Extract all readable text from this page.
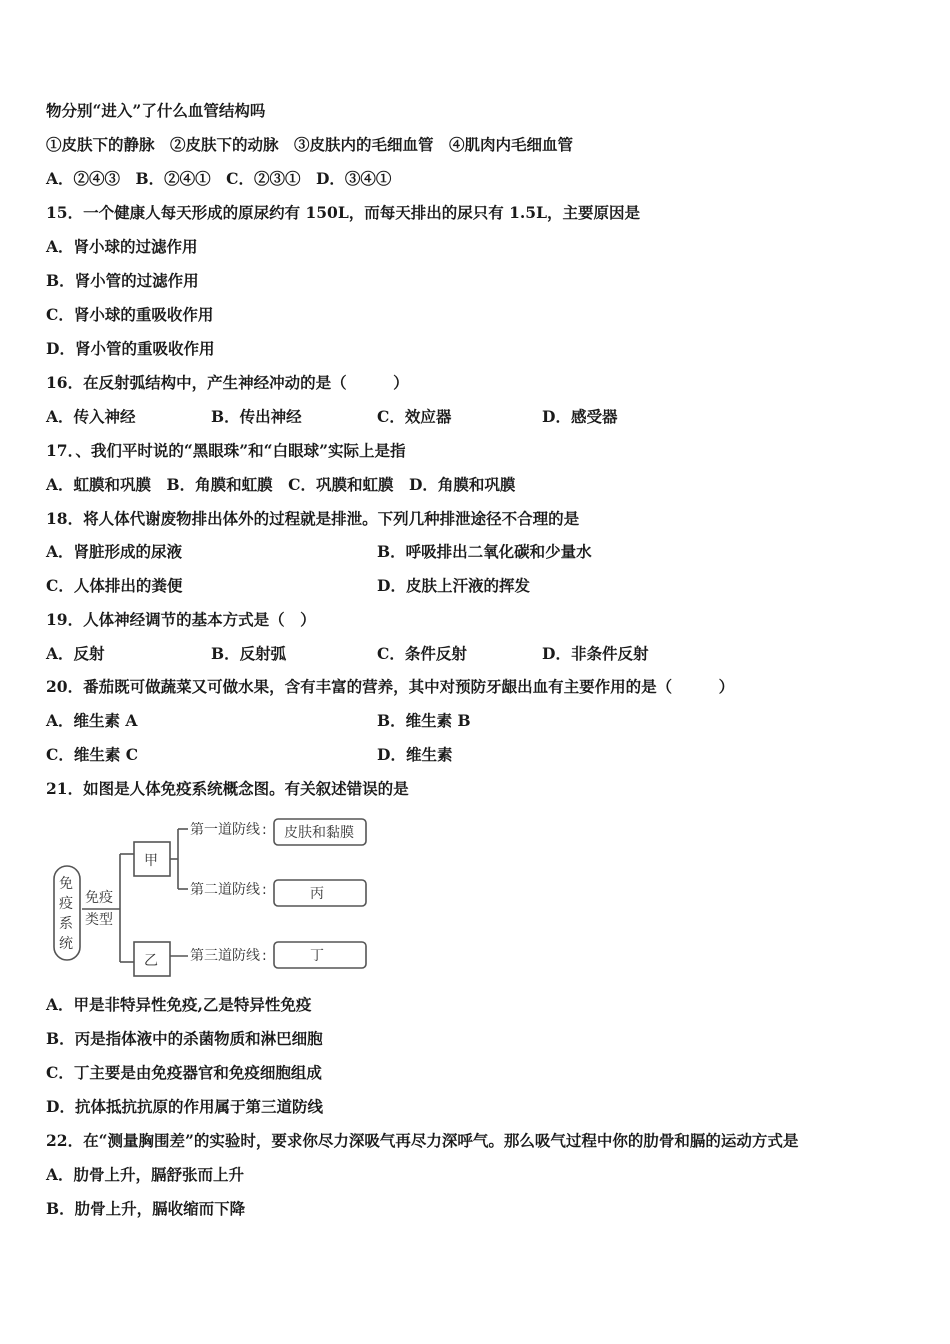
物分别“进入”了什么血管结构吗
①皮肤下的静脉　②皮肤下的动脉　③皮肤内的毛细血管　④肌肉内毛细血管
A．②④③　B．②④①　C．②③①　D．③④①
15．一个健康人每天形成的原尿约有 150L，而每天排出的尿只有 1.5L，主要原因是
A．肾小球的过滤作用
B．肾小管的过滤作用
C．肾小球的重吸收作用
D．肾小管的重吸收作用
16．在反射弧结构中，产生神经冲动的是（　　　）
A．传入神经	B．传出神经	C．效应器	D．感受器
17．、我们平时说的“黑眼珠”和“白眼球”实际上是指
A．虹膜和巩膜　B．角膜和虹膜　C．巩膜和虹膜　D．角膜和巩膜
18．将人体代谢废物排出体外的过程就是排泄。下列几种排泄途径不合理的是
A．肾脏形成的尿液	B．呼吸排出二氧化碳和少量水
C．人体排出的粪便	D．皮肤上汗液的挥发
19．人体神经调节的基本方式是（　）
A．反射	B．反射弧	C．条件反射	D．非条件反射
20．番茄既可做蔬菜又可做水果，含有丰富的营养，其中对预防牙龈出血有主要作用的是（　　　）
A．维生素 A	B．维生素 B
C．维生素 C	D．维生素
21．如图是人体免疫系统概念图。有关叙述错误的是
免
疫
系
统
免疫
类型
甲
乙
第一道防线 : 皮肤和黏膜
第二道防线 :	丙
第三道防线 :	丁
A．甲是非特异性免疫,乙是特异性免疫
B．丙是指体液中的杀菌物质和淋巴细胞
C．丁主要是由免疫器官和免疫细胞组成
D．抗体抵抗抗原的作用属于第三道防线
22．在“测量胸围差”的实验时，要求你尽力深吸气再尽力深呼气。那么吸气过程中你的肋骨和膈的运动方式是
A．肋骨上升，膈舒张而上升
B．肋骨上升，膈收缩而下降
